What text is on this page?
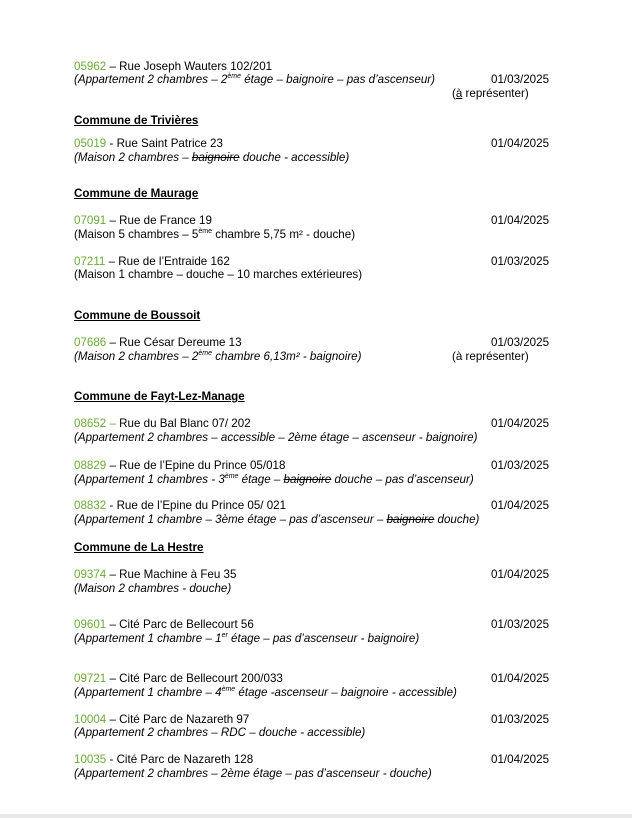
05962 – Rue Joseph Wauters 102/201
(Appartement 2 chambres – 2ème étage – baignoire – pas d’ascenseur)	01/03/2025
(à représenter)
Commune de Trivières
05019 - Rue Saint Patrice 23
(Maison 2 chambres – baignoire douche - accessible)
01/04/2025
Commune de Maurage
07091 – Rue de France 19
(Maison 5 chambres – 5ème chambre 5,75 m² - douche)
01/04/2025
07211 – Rue de l’Entraide 162
(Maison 1 chambre – douche – 10 marches extérieures)
01/03/2025
Commune de Boussoit
07686 – Rue César Dereume 13
(Maison 2 chambres – 2ème chambre 6,13m² - baignoire)
01/03/2025
(à représenter)
Commune de Fayt-Lez-Manage
08652 – Rue du Bal Blanc 07/ 202
(Appartement 2 chambres – accessible – 2ème étage – ascenseur - baignoire)
01/04/2025
08829 – Rue de l’Epine du Prince 05/018
(Appartement 1 chambres - 3ème étage – baignoire douche – pas d’ascenseur)
01/03/2025
08832 - Rue de l’Epine du Prince 05/ 021
(Appartement 1 chambre – 3ème étage – pas d’ascenseur – baignoire douche)
01/04/2025
Commune de La Hestre
09374 – Rue Machine à Feu 35
(Maison 2 chambres - douche)
01/04/2025
09601 – Cité Parc de Bellecourt 56
(Appartement 1 chambre – 1er étage – pas d’ascenseur - baignoire)
01/03/2025
09721 – Cité Parc de Bellecourt 200/033
(Appartement 1 chambre – 4ème étage -ascenseur – baignoire - accessible)
01/04/2025
10004 – Cité Parc de Nazareth 97
(Appartement 2 chambres – RDC – douche - accessible)
01/03/2025
10035 - Cité Parc de Nazareth 128
(Appartement 2 chambres – 2ème étage – pas d’ascenseur - douche)
01/04/2025
